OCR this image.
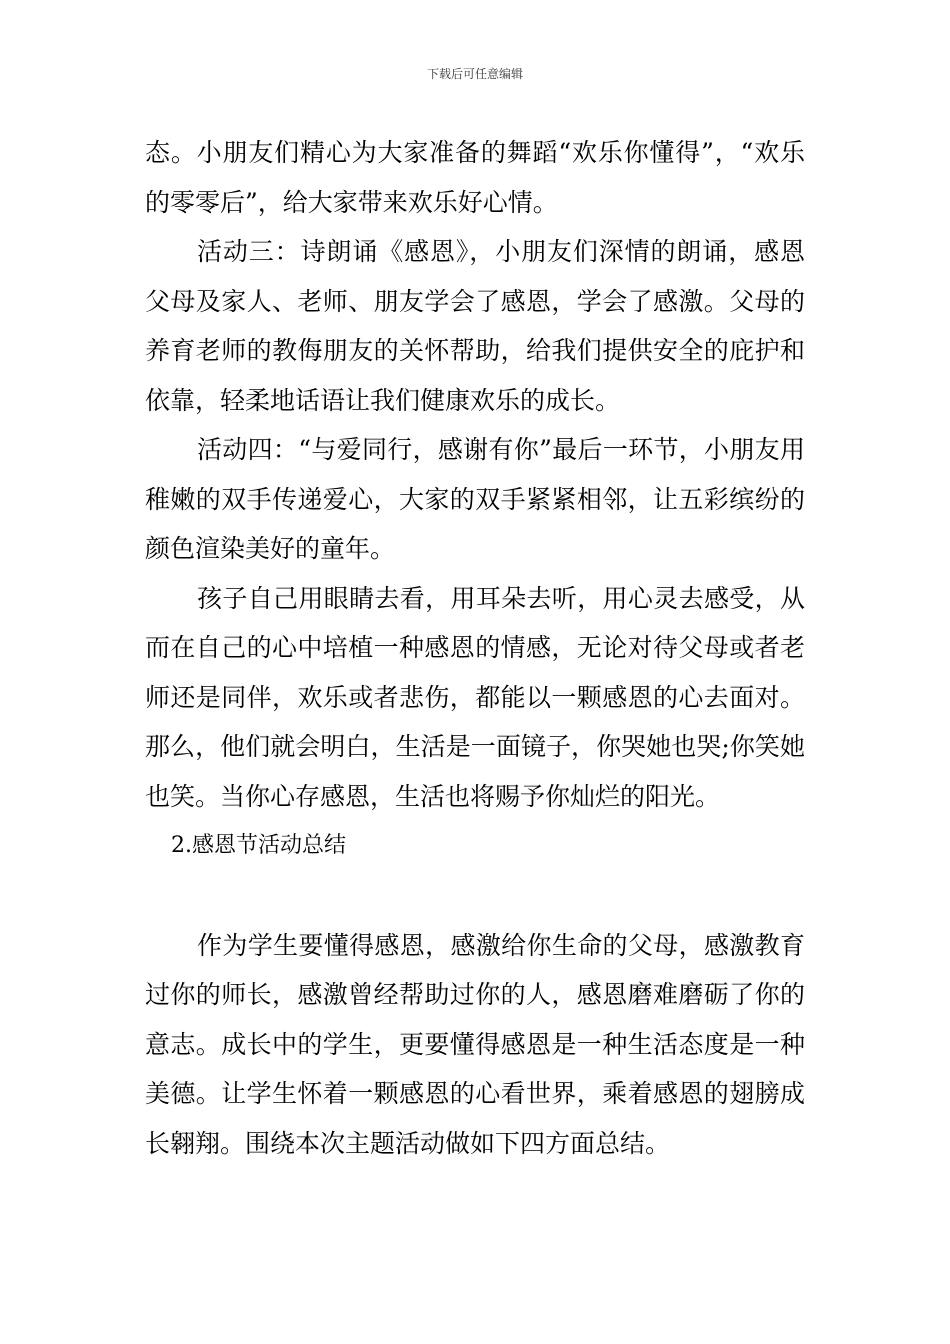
下载后可任意编辑

态。小朋友们精心为大家准备的舞蹈“欢乐你懂得”，“欢乐的零零后”，给大家带来欢乐好心情。

活动三：诗朗诵《感恩》，小朋友们深情的朗诵，感恩父母及家人、老师、朋友学会了感恩，学会了感激。父母的养育老师的教侮朋友的关怀帮助，给我们提供安全的庇护和依靠，轻柔地话语让我们健康欢乐的成长。

活动四：“与爱同行，感谢有你”最后一环节，小朋友用稚嫩的双手传递爱心，大家的双手紧紧相邻，让五彩缤纷的颜色渲染美好的童年。

孩子自己用眼睛去看，用耳朵去听，用心灵去感受，从而在自己的心中培植一种感恩的情感，无论对待父母或者老师还是同伴，欢乐或者悲伤，都能以一颗感恩的心去面对。那么，他们就会明白，生活是一面镜子，你哭她也哭;你笑她也笑。当你心存感恩，生活也将赐予你灿烂的阳光。

2.感恩节活动总结

作为学生要懂得感恩，感激给你生命的父母，感激教育过你的师长，感激曾经帮助过你的人，感恩磨难磨砺了你的意志。成长中的学生，更要懂得感恩是一种生活态度是一种美德。让学生怀着一颗感恩的心看世界，乘着感恩的翅膀成长翱翔。围绕本次主题活动做如下四方面总结。
